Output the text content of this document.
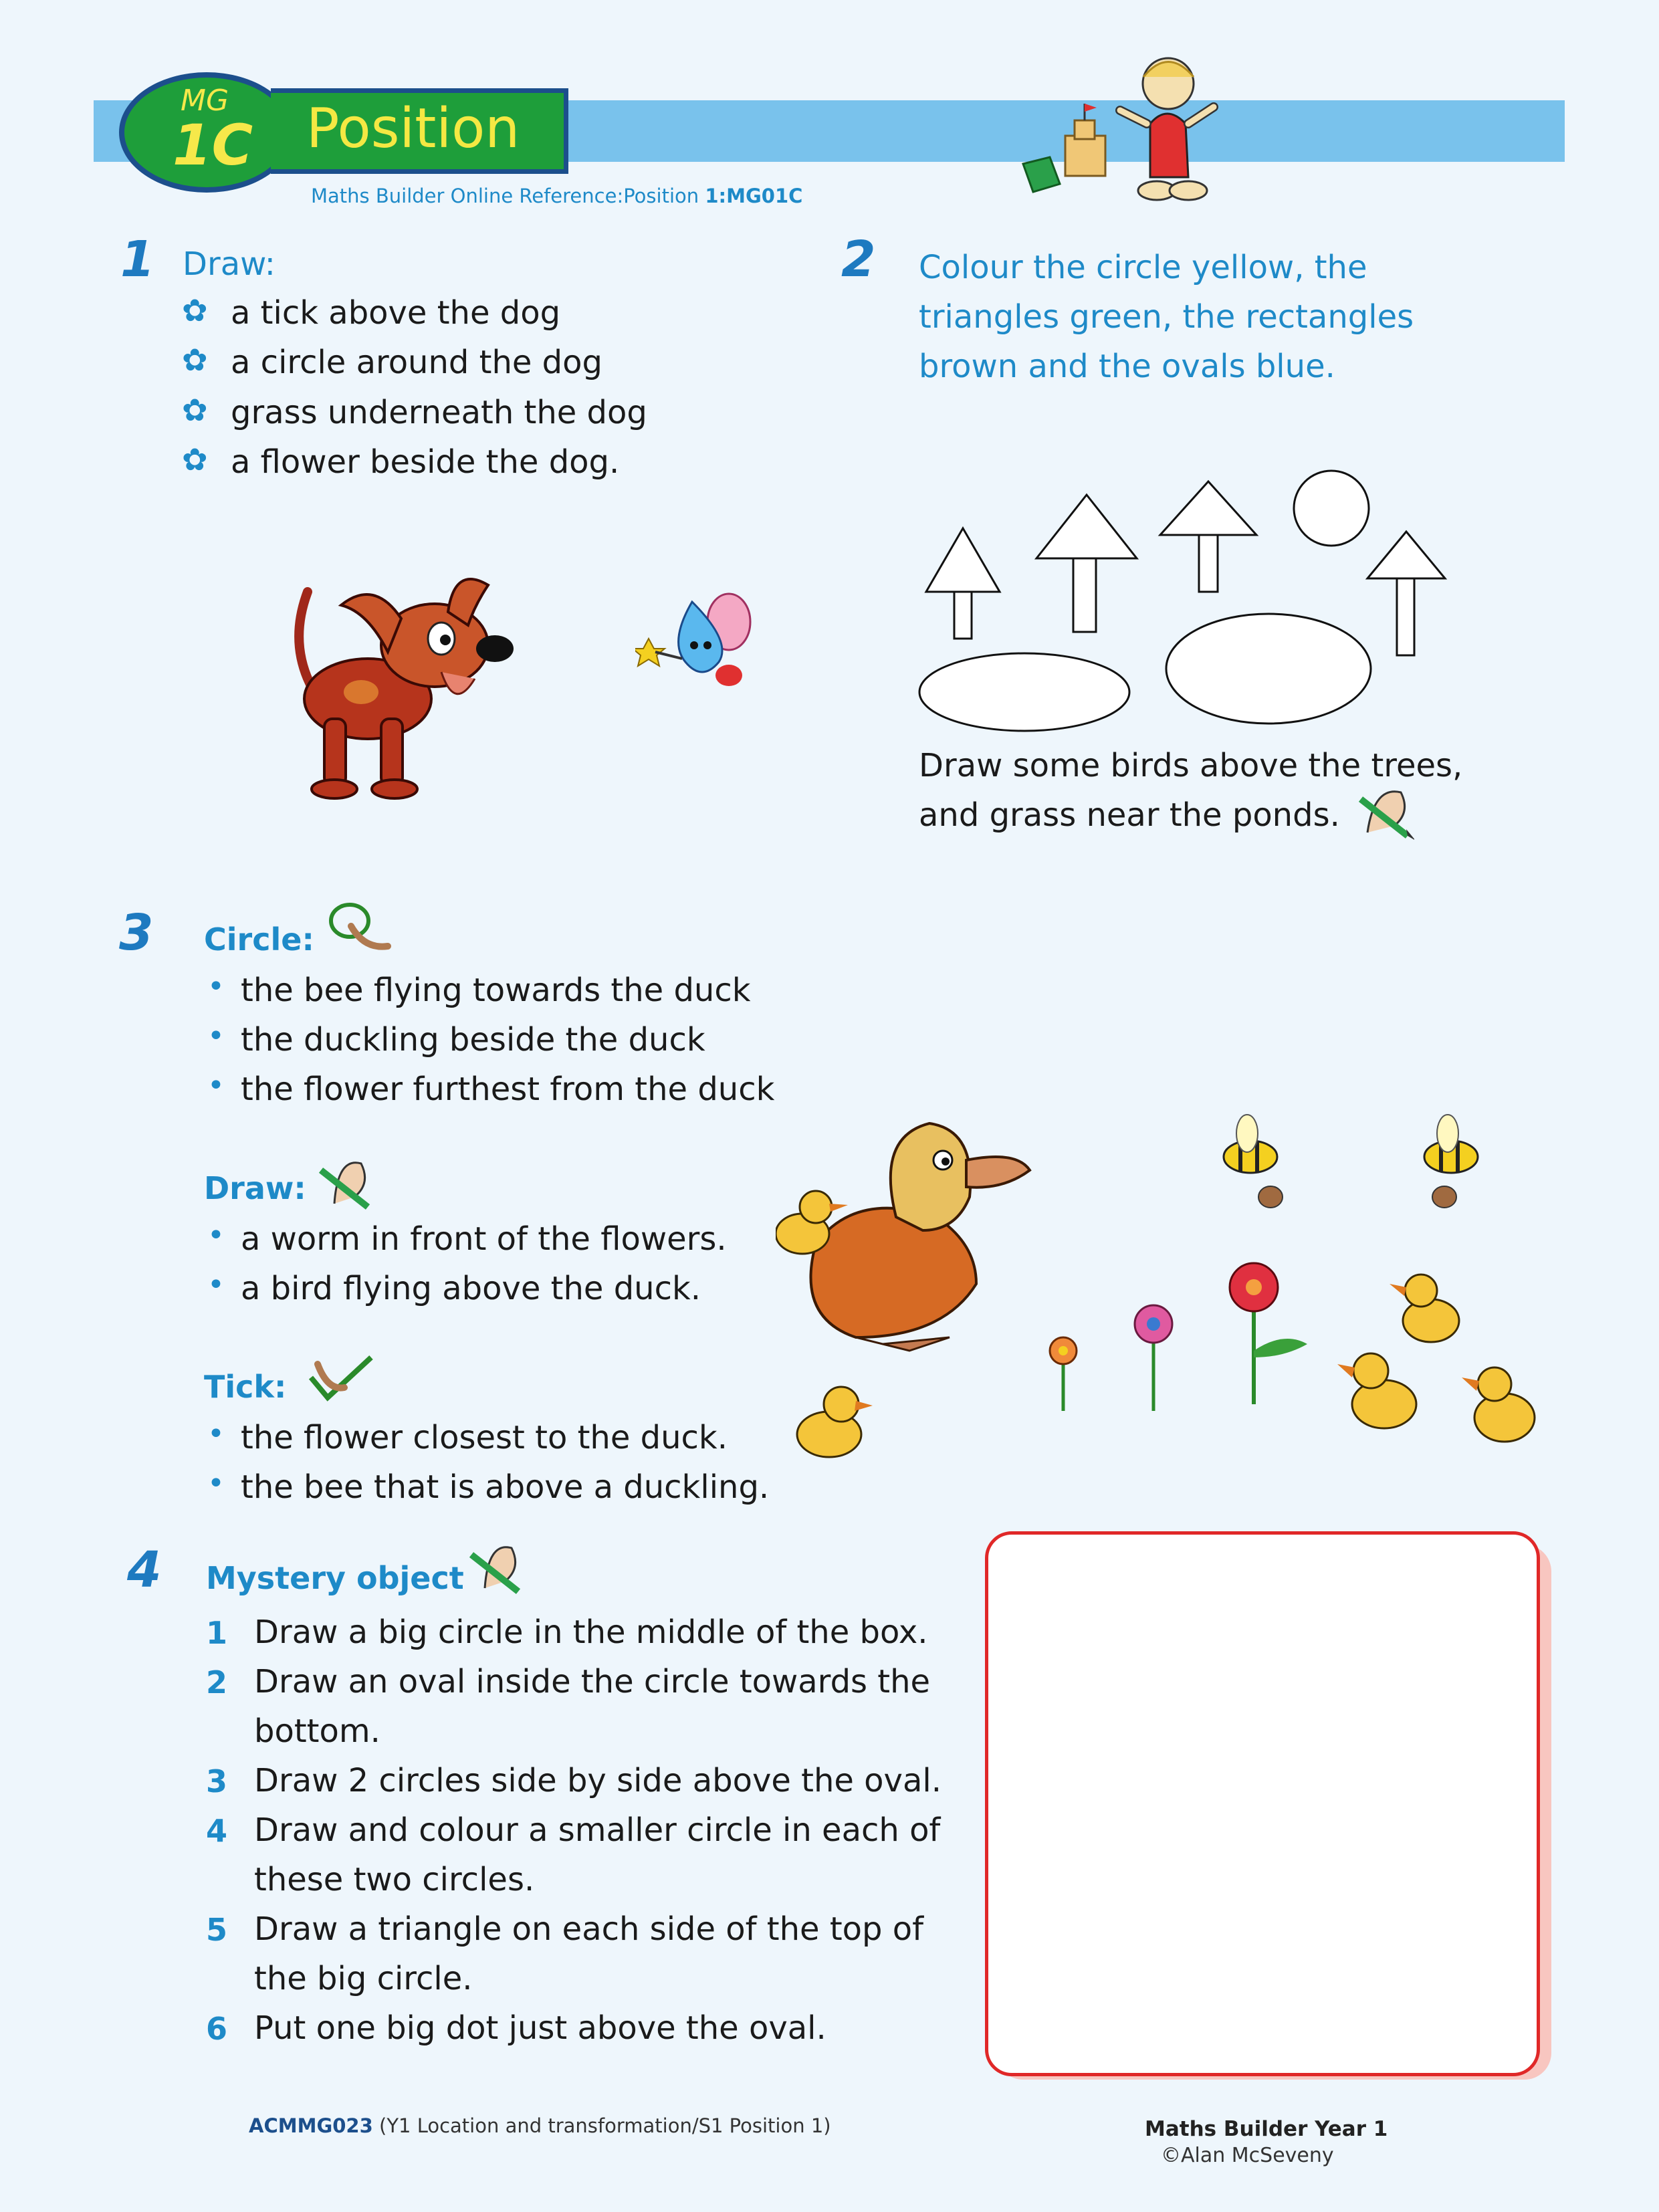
MG
1C Position
Maths Builder Online Reference:Position 1:MG01C
1 Draw:
✿ a tick above the dog
✿ a circle around the dog
✿ grass underneath the dog
✿ a flower beside the dog.
2 Colour the circle yellow, the
triangles green, the rectangles
brown and the ovals blue.
Draw some birds above the trees,
and grass near the ponds.
3 Circle:
• the bee flying towards the duck
• the duckling beside the duck
• the flower furthest from the duck
Draw:
• a worm in front of the flowers.
• a bird flying above the duck.
Tick:
• the flower closest to the duck.
• the bee that is above a duckling.
4 Mystery object
1 Draw a big circle in the middle of the box.
2 Draw an oval inside the circle towards the
bottom.
3 Draw 2 circles side by side above the oval.
4 Draw and colour a smaller circle in each of
these two circles.
5 Draw a triangle on each side of the top of
the big circle.
6 Put one big dot just above the oval.
ACMMG023 (Y1 Location and transformation/S1 Position 1)	Maths Builder Year 1
©Alan McSeveny
